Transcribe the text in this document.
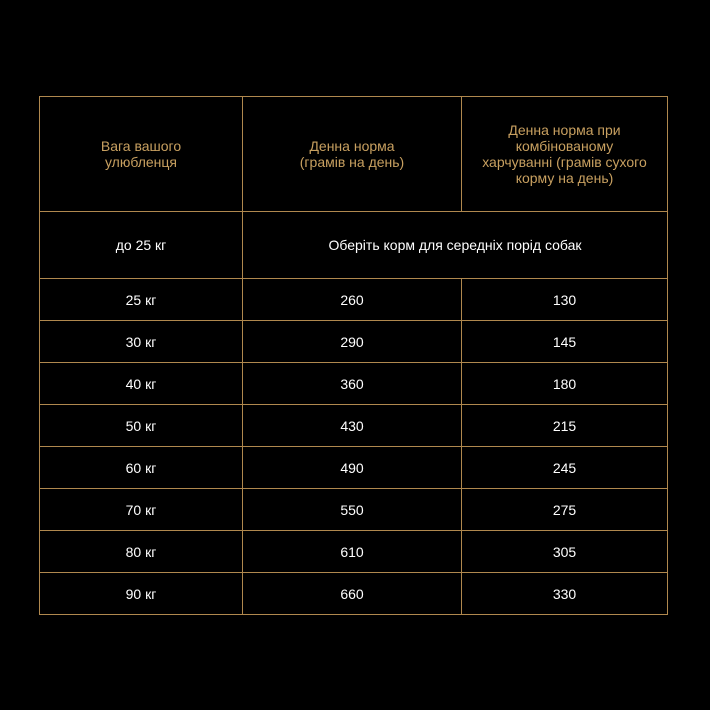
Вага вашого улюбленця	Денна норма (грамів на день)	Денна норма при комбінованому харчуванні (грамів сухого корму на день)
до 25 кг	Оберіть корм для середніх порід собак	
25 кг	260	130
30 кг	290	145
40 кг	360	180
50 кг	430	215
60 кг	490	245
70 кг	550	275
80 кг	610	305
90 кг	660	330
